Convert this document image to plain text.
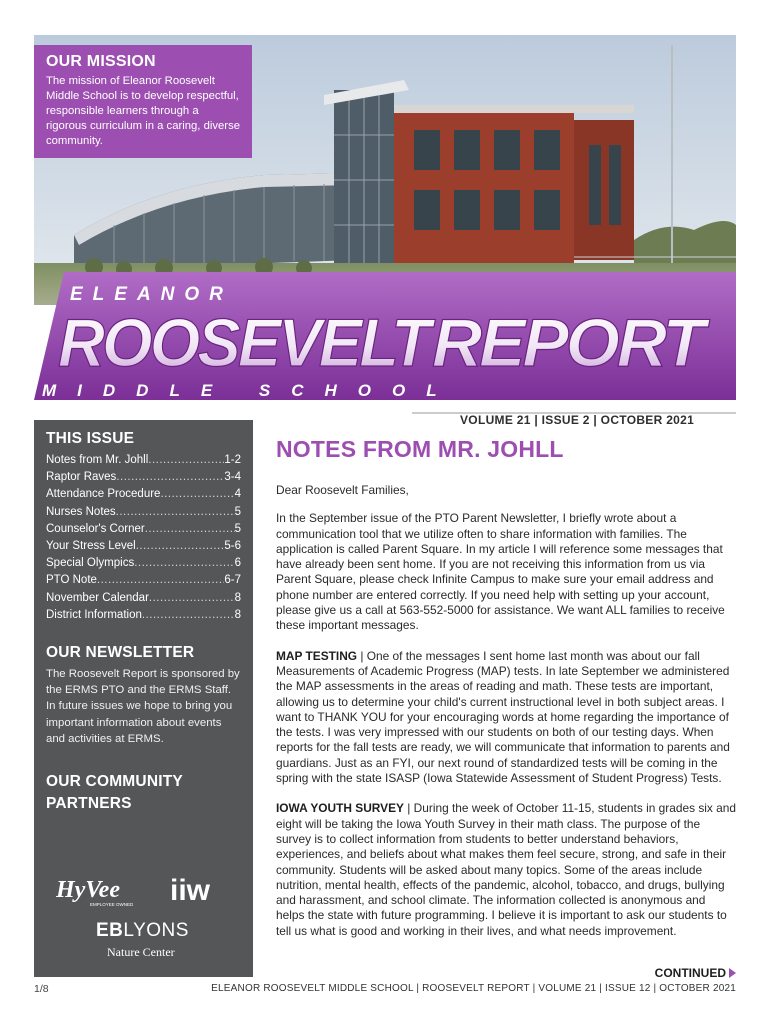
OUR MISSION

The mission of Eleanor Roosevelt Middle School is to develop respectful, responsible learners through a rigorous curriculum in a caring, diverse community.

ELEANOR
ROOSEVELT
REPORT
MIDDLE SCHOOL
VOLUME 21 | ISSUE 2 | OCTOBER 2021
THIS ISSUE
Notes from Mr. Johll .....	1-2
Raptor Raves .....	3-4
Attendance Procedure .....	4
Nurses Notes .....	5
Counselor's Corner .....	5
Your Stress Level .....	5-6
Special Olympics .....	6
PTO Note .....	6-7
November Calendar .....	8
District Information .....	8
OUR NEWSLETTER

The Roosevelt Report is sponsored by the ERMS PTO and the ERMS Staff. In future issues we hope to bring you important information about events and activities at ERMS.

OUR COMMUNITY PARTNERS
HyVee
EMPLOYEE OWNED iiw
EBLYONS
Nature Center
NOTES FROM MR. JOHLL

Dear Roosevelt Families,

In the September issue of the PTO Parent Newsletter, I briefly wrote about a communication tool that we utilize often to share information with families. The application is called Parent Square. In my article I will reference some messages that have already been sent home. If you are not receiving this information from us via Parent Square, please check Infinite Campus to make sure your email address and phone number are entered correctly. If you need help with setting up your account, please give us a call at 563-552-5000 for assistance. We want ALL families to receive these important messages.

MAP TESTING | One of the messages I sent home last month was about our fall Measurements of Academic Progress (MAP) tests. In late September we administered the MAP assessments in the areas of reading and math. These tests are important, allowing us to determine your child's current instructional level in both subject areas. I want to THANK YOU for your encouraging words at home regarding the importance of the tests. I was very impressed with our students on both of our testing days. When reports for the fall tests are ready, we will communicate that information to parents and guardians. Just as an FYI, our next round of standardized tests will be coming in the spring with the state ISASP (Iowa Statewide Assessment of Student Progress) Tests.

IOWA YOUTH SURVEY | During the week of October 11-15, students in grades six and eight will be taking the Iowa Youth Survey in their math class. The purpose of the survey is to collect information from students to better understand behaviors, experiences, and beliefs about what makes them feel secure, strong, and safe in their community. Students will be asked about many topics. Some of the areas include nutrition, mental health, effects of the pandemic, alcohol, tobacco, and drugs, bullying and harassment, and school climate. The information collected is anonymous and helps the state with future programming. I believe it is important to ask our students to tell us what is good and working in their lives, and what needs improvement.

CONTINUED
1/8	ELEANOR ROOSEVELT MIDDLE SCHOOL | ROOSEVELT REPORT | VOLUME 21 | ISSUE 12 | OCTOBER 2021
